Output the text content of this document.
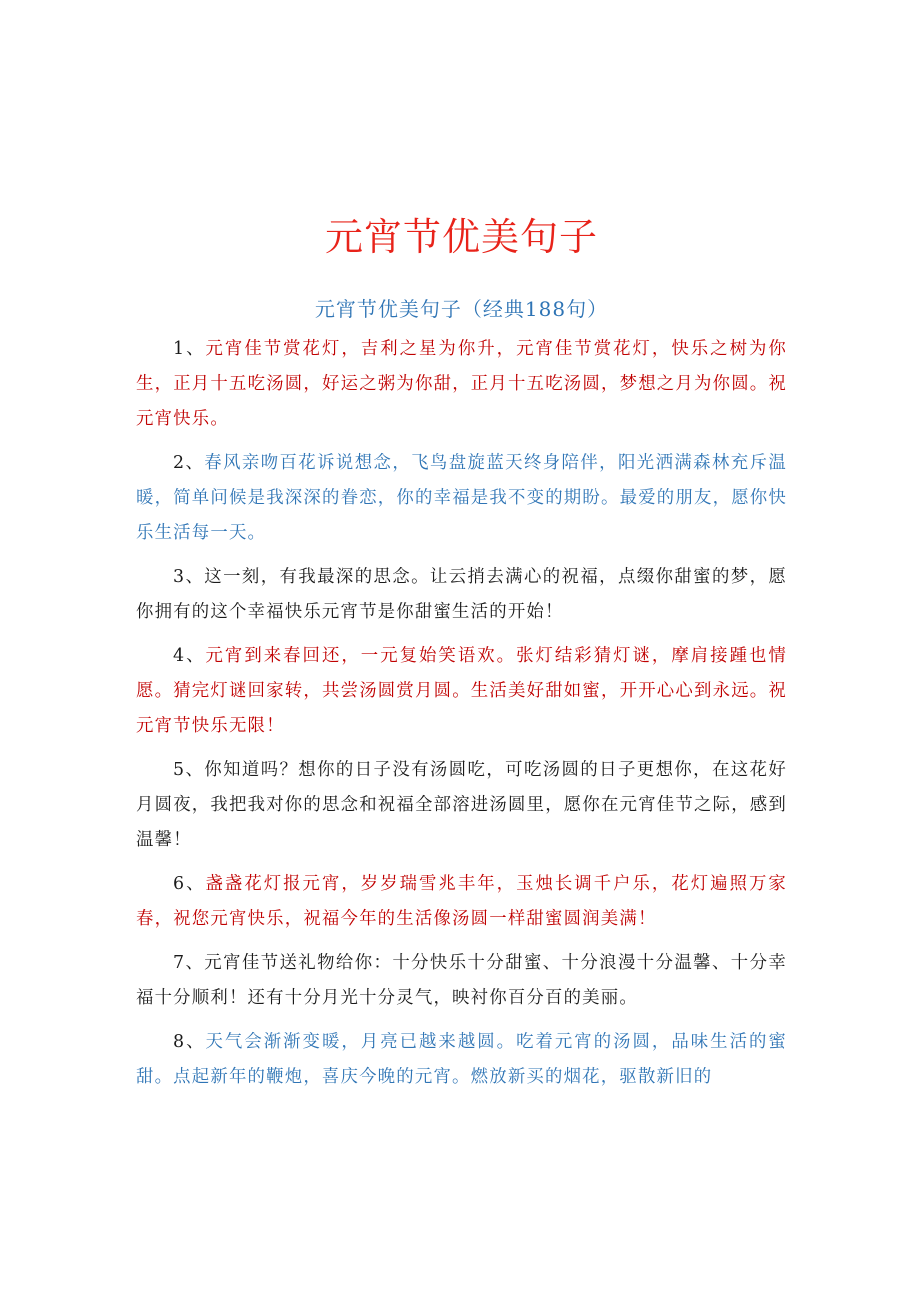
元宵节优美句子
元宵节优美句子（经典188句）

1、元宵佳节赏花灯，吉利之星为你升，元宵佳节赏花灯，快乐之树为你生，正月十五吃汤圆，好运之粥为你甜，正月十五吃汤圆，梦想之月为你圆。祝元宵快乐。

2、春风亲吻百花诉说想念，飞鸟盘旋蓝天终身陪伴，阳光洒满森林充斥温暖，简单问候是我深深的眷恋，你的幸福是我不变的期盼。最爱的朋友，愿你快乐生活每一天。

3、这一刻，有我最深的思念。让云捎去满心的祝福，点缀你甜蜜的梦，愿你拥有的这个幸福快乐元宵节是你甜蜜生活的开始！

4、元宵到来春回还，一元复始笑语欢。张灯结彩猜灯谜，摩肩接踵也情愿。猜完灯谜回家转，共尝汤圆赏月圆。生活美好甜如蜜，开开心心到永远。祝元宵节快乐无限！

5、你知道吗？想你的日子没有汤圆吃，可吃汤圆的日子更想你，在这花好月圆夜，我把我对你的思念和祝福全部溶进汤圆里，愿你在元宵佳节之际，感到温馨！

6、盏盏花灯报元宵，岁岁瑞雪兆丰年，玉烛长调千户乐，花灯遍照万家春，祝您元宵快乐，祝福今年的生活像汤圆一样甜蜜圆润美满！

7、元宵佳节送礼物给你：十分快乐十分甜蜜、十分浪漫十分温馨、十分幸福十分顺利！还有十分月光十分灵气，映衬你百分百的美丽。

8、天气会渐渐变暖，月亮已越来越圆。吃着元宵的汤圆，品味生活的蜜甜。点起新年的鞭炮，喜庆今晚的元宵。燃放新买的烟花，驱散新旧的
